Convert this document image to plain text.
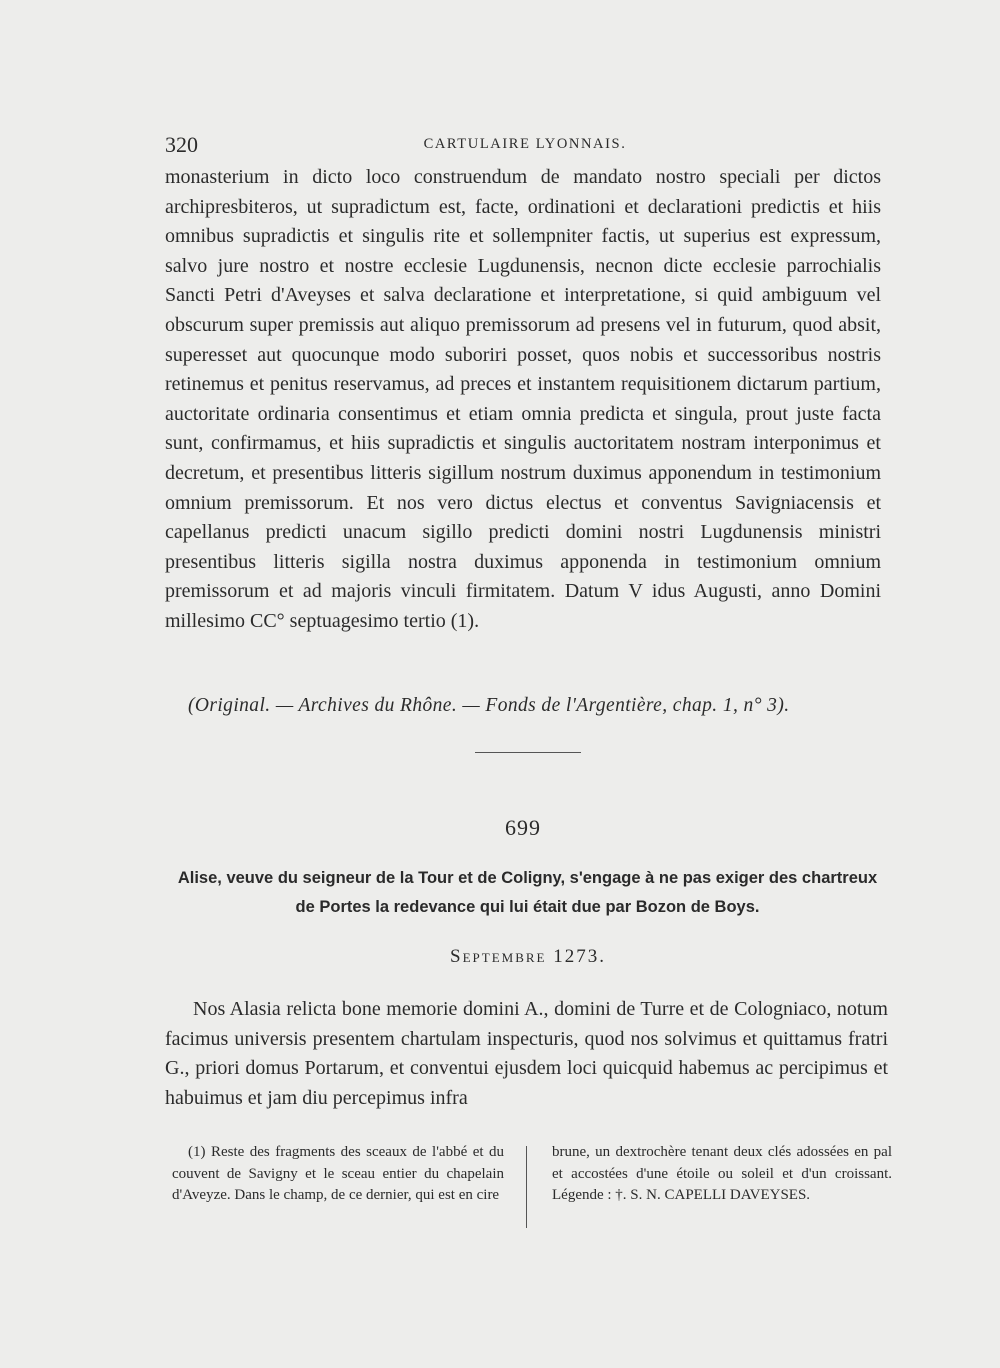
320	CARTULAIRE LYONNAIS.

monasterium in dicto loco construendum de mandato nostro speciali per dictos archipresbiteros, ut supradictum est, facte, ordinationi et declarationi predictis et hiis omnibus supradictis et singulis rite et sollempniter factis, ut superius est expressum, salvo jure nostro et nostre ecclesie Lugdunensis, necnon dicte ecclesie parrochialis Sancti Petri d'Aveyses et salva declaratione et interpretatione, si quid ambiguum vel obscurum super premissis aut aliquo premissorum ad presens vel in futurum, quod absit, superesset aut quocunque modo suboriri posset, quos nobis et successoribus nostris retinemus et penitus reservamus, ad preces et instantem requisitionem dictarum partium, auctoritate ordinaria consentimus et etiam omnia predicta et singula, prout juste facta sunt, confirmamus, et hiis supradictis et singulis auctoritatem nostram interponimus et decretum, et presentibus litteris sigillum nostrum duximus apponendum in testimonium omnium premissorum. Et nos vero dictus electus et conventus Savigniacensis et capellanus predicti unacum sigillo predicti domini nostri Lugdunensis ministri presentibus litteris sigilla nostra duximus apponenda in testimonium omnium premissorum et ad majoris vinculi firmitatem. Datum V idus Augusti, anno Domini millesimo CC° septuagesimo tertio (1).

(Original. — Archives du Rhône. — Fonds de l'Argentière, chap. 1, n° 3).
699
Alise, veuve du seigneur de la Tour et de Coligny, s'engage à ne pas exiger des chartreux de Portes la redevance qui lui était due par Bozon de Boys.
Septembre 1273.

Nos Alasia relicta bone memorie domini A., domini de Turre et de Cologniaco, notum facimus universis presentem chartulam inspecturis, quod nos solvimus et quittamus fratri G., priori domus Portarum, et conventui ejusdem loci quicquid habemus ac percipimus et habuimus et jam diu percepimus infra

(1) Reste des fragments des sceaux de l'abbé et du couvent de Savigny et le sceau entier du chapelain d'Aveyze. Dans le champ, de ce dernier, qui est en cire

brune, un dextrochère tenant deux clés adossées en pal et accostées d'une étoile ou soleil et d'un croissant. Légende : †. S. N. CAPELLI DAVEYSES.
